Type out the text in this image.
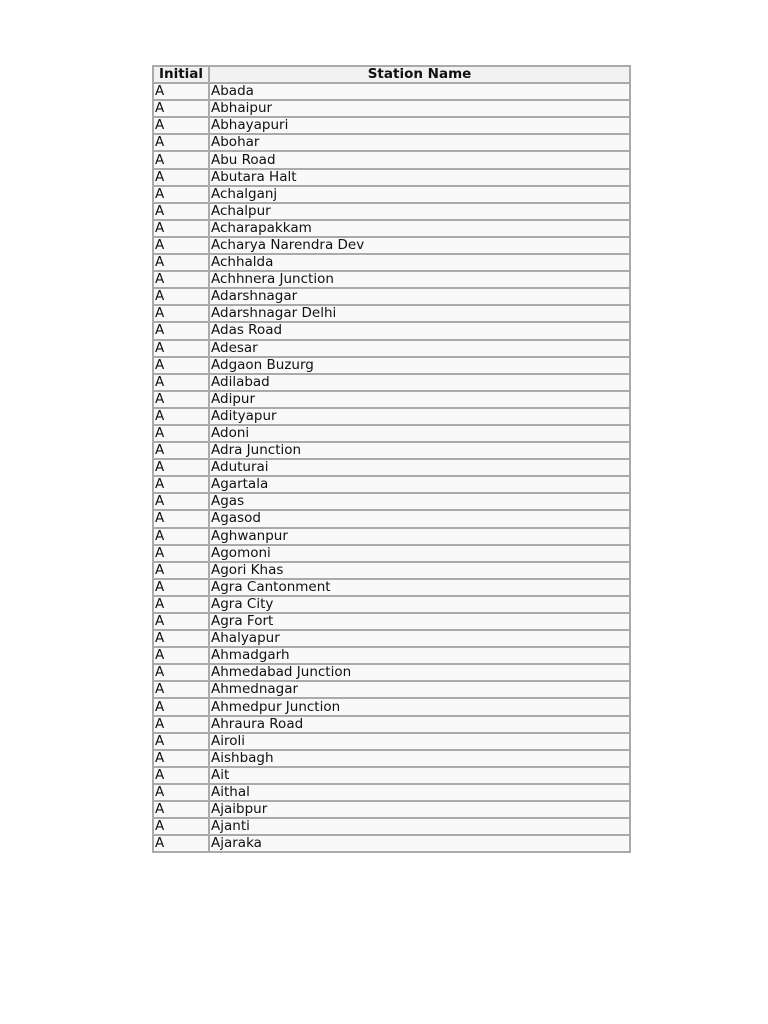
Initial	Station Name
A	Abada
A	Abhaipur
A	Abhayapuri
A	Abohar
A	Abu Road
A	Abutara Halt
A	Achalganj
A	Achalpur
A	Acharapakkam
A	Acharya Narendra Dev
A	Achhalda
A	Achhnera Junction
A	Adarshnagar
A	Adarshnagar Delhi
A	Adas Road
A	Adesar
A	Adgaon Buzurg
A	Adilabad
A	Adipur
A	Adityapur
A	Adoni
A	Adra Junction
A	Aduturai
A	Agartala
A	Agas
A	Agasod
A	Aghwanpur
A	Agomoni
A	Agori Khas
A	Agra Cantonment
A	Agra City
A	Agra Fort
A	Ahalyapur
A	Ahmadgarh
A	Ahmedabad Junction
A	Ahmednagar
A	Ahmedpur Junction
A	Ahraura Road
A	Airoli
A	Aishbagh
A	Ait
A	Aithal
A	Ajaibpur
A	Ajanti
A	Ajaraka
